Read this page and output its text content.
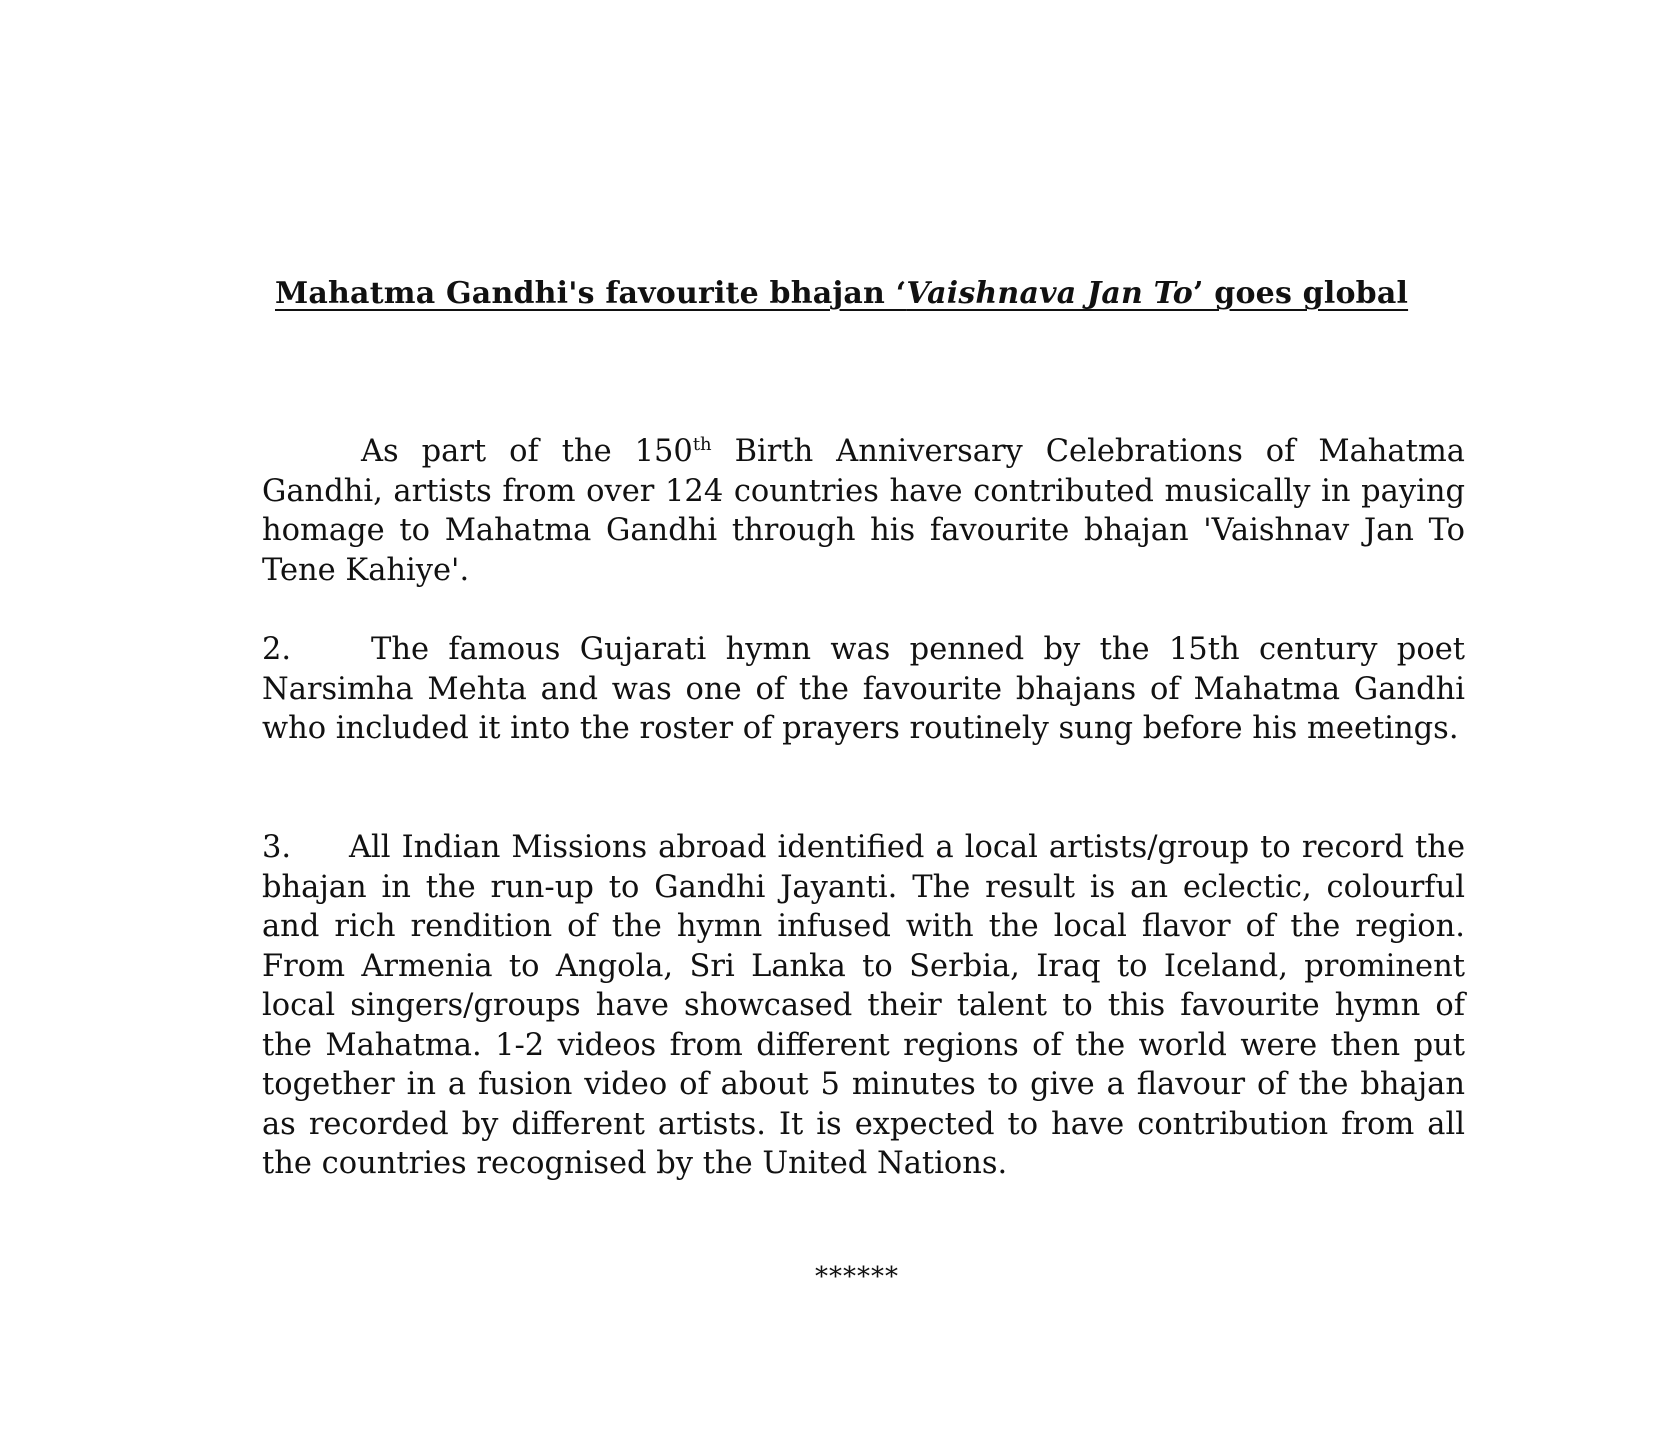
Mahatma Gandhi's favourite bhajan ‘Vaishnava Jan To’ goes global

As part of the 150th Birth Anniversary Celebrations of Mahatma Gandhi, artists from over 124 countries have contributed musically in paying homage to Mahatma Gandhi through his favourite bhajan 'Vaishnav Jan To Tene Kahiye'.

2.	The famous Gujarati hymn was penned by the 15th century poet Narsimha Mehta and was one of the favourite bhajans of Mahatma Gandhi who included it into the roster of prayers routinely sung before his meetings.

3. All Indian Missions abroad identified a local artists/group to record the bhajan in the run-up to Gandhi Jayanti. The result is an eclectic, colourful and rich rendition of the hymn infused with the local flavor of the region. From Armenia to Angola, Sri Lanka to Serbia, Iraq to Iceland, prominent local singers/groups have showcased their talent to this favourite hymn of the Mahatma. 1-2 videos from different regions of the world were then put together in a fusion video of about 5 minutes to give a flavour of the bhajan as recorded by different artists. It is expected to have contribution from all the countries recognised by the United Nations.

******
